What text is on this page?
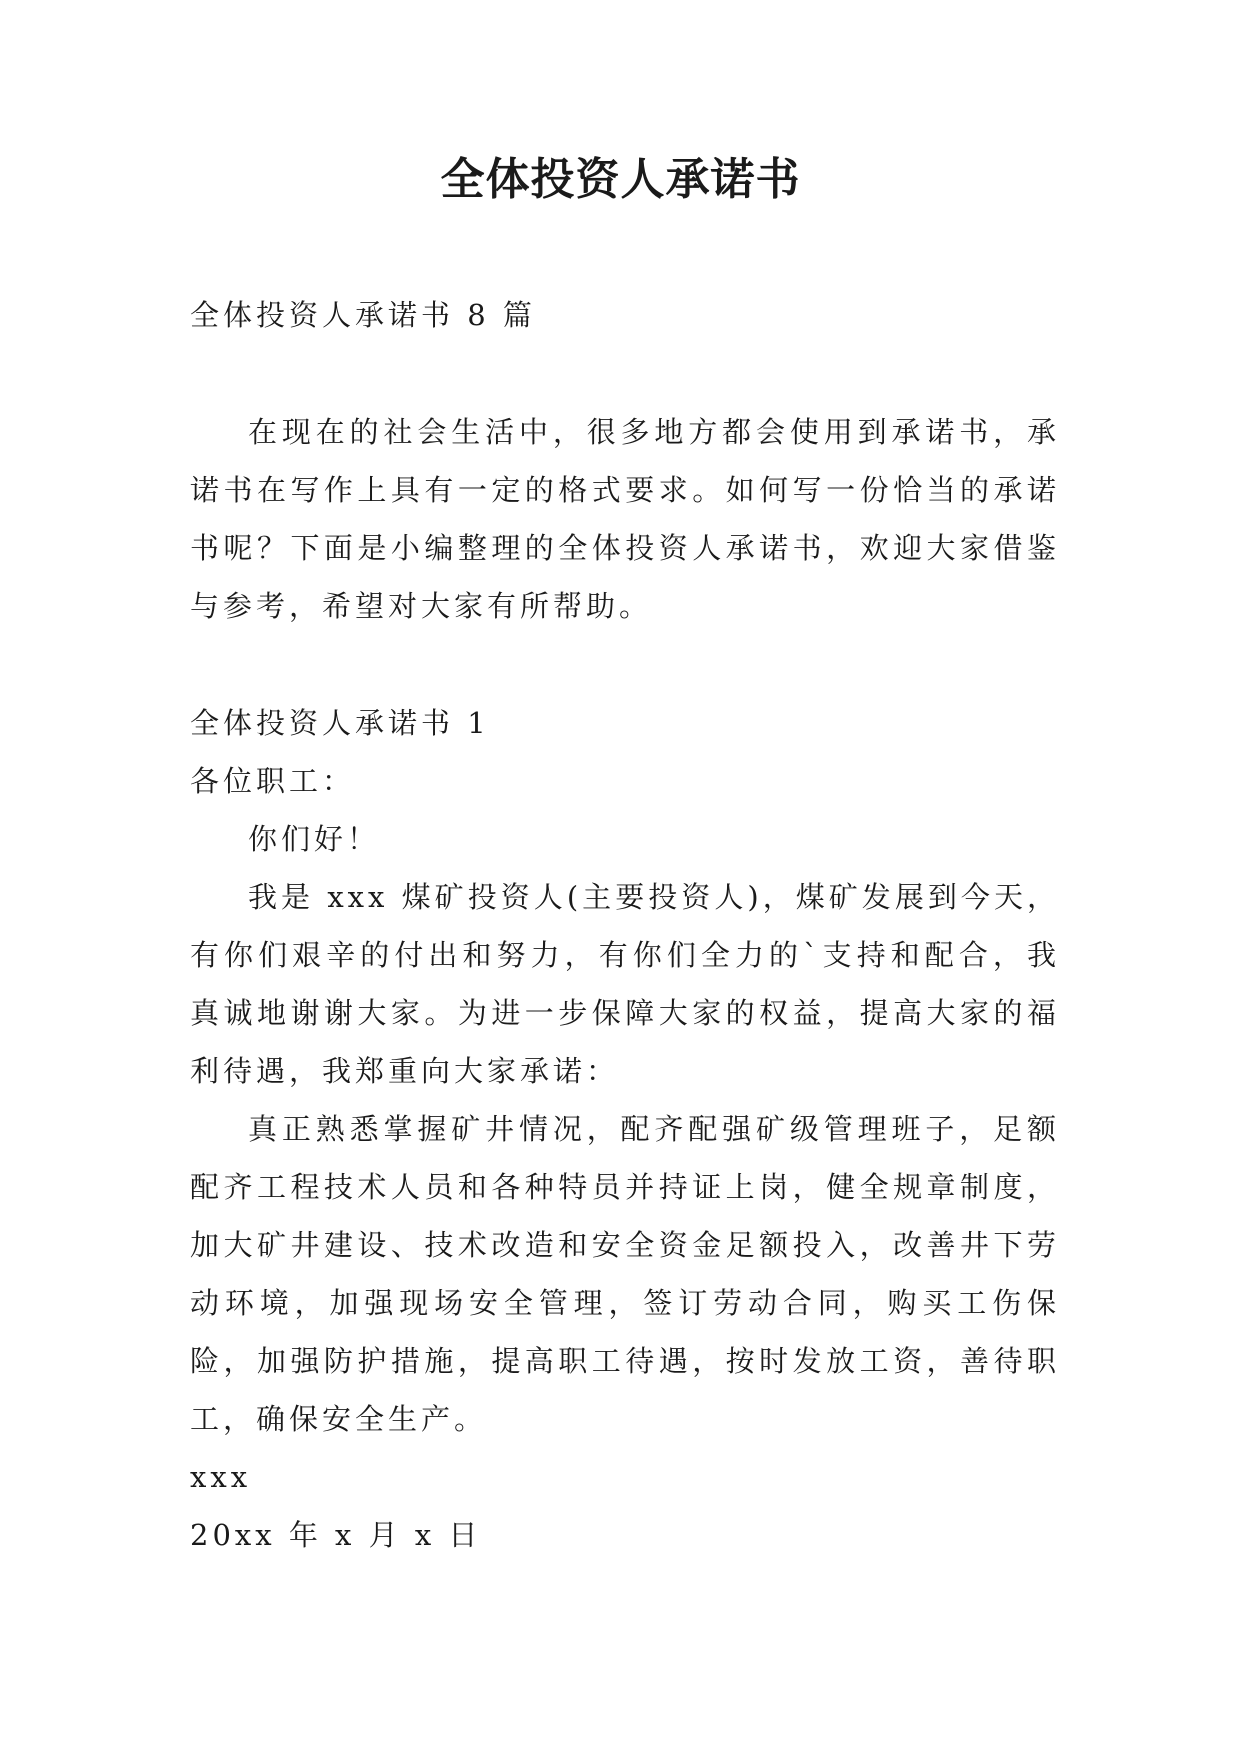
全体投资人承诺书

全体投资人承诺书 8 篇

在现在的社会生活中，很多地方都会使用到承诺书，承诺书在写作上具有一定的格式要求。如何写一份恰当的承诺书呢？下面是小编整理的全体投资人承诺书，欢迎大家借鉴与参考，希望对大家有所帮助。

全体投资人承诺书 1

各位职工：

你们好！

我是 xxx 煤矿投资人(主要投资人)，煤矿发展到今天，有你们艰辛的付出和努力，有你们全力的`支持和配合，我真诚地谢谢大家。为进一步保障大家的权益，提高大家的福利待遇，我郑重向大家承诺：

真正熟悉掌握矿井情况，配齐配强矿级管理班子，足额配齐工程技术人员和各种特员并持证上岗，健全规章制度，加大矿井建设、技术改造和安全资金足额投入，改善井下劳动环境，加强现场安全管理，签订劳动合同，购买工伤保险，加强防护措施，提高职工待遇，按时发放工资，善待职工，确保安全生产。

xxx

20xx 年 x 月 x 日
